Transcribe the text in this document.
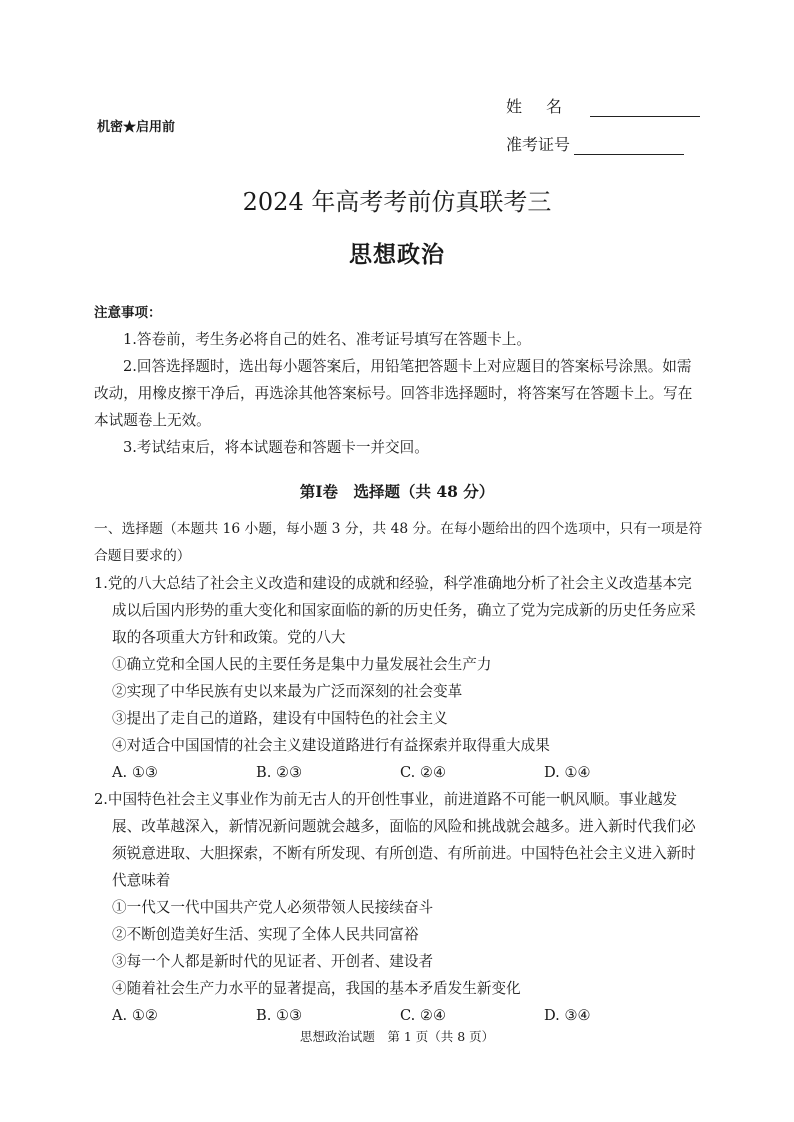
机密★启用前
姓名
准考证号
2024 年高考考前仿真联考三
思想政治
注意事项：
1.答卷前，考生务必将自己的姓名、准考证号填写在答题卡上。
2.回答选择题时，选出每小题答案后，用铅笔把答题卡上对应题目的答案标号涂黑。如需改动，用橡皮擦干净后，再选涂其他答案标号。回答非选择题时，将答案写在答题卡上。写在本试题卷上无效。
3.考试结束后，将本试题卷和答题卡一并交回。
第Ⅰ卷　选择题（共 48 分）
一、选择题（本题共 16 小题，每小题 3 分，共 48 分。在每小题给出的四个选项中，只有一项是符合题目要求的）
1.党的八大总结了社会主义改造和建设的成就和经验，科学准确地分析了社会主义改造基本完成以后国内形势的重大变化和国家面临的新的历史任务，确立了党为完成新的历史任务应采取的各项重大方针和政策。党的八大
①确立党和全国人民的主要任务是集中力量发展社会生产力
②实现了中华民族有史以来最为广泛而深刻的社会变革
③提出了走自己的道路，建设有中国特色的社会主义
④对适合中国国情的社会主义建设道路进行有益探索并取得重大成果
A. ①③	B. ②③	C. ②④	D. ①④
2.中国特色社会主义事业作为前无古人的开创性事业，前进道路不可能一帆风顺。事业越发展、改革越深入，新情况新问题就会越多，面临的风险和挑战就会越多。进入新时代我们必须锐意进取、大胆探索，不断有所发现、有所创造、有所前进。中国特色社会主义进入新时代意味着
①一代又一代中国共产党人必须带领人民接续奋斗
②不断创造美好生活、实现了全体人民共同富裕
③每一个人都是新时代的见证者、开创者、建设者
④随着社会生产力水平的显著提高，我国的基本矛盾发生新变化
A. ①②	B. ①③	C. ②④	D. ③④
思想政治试题　第 1 页（共 8 页）
